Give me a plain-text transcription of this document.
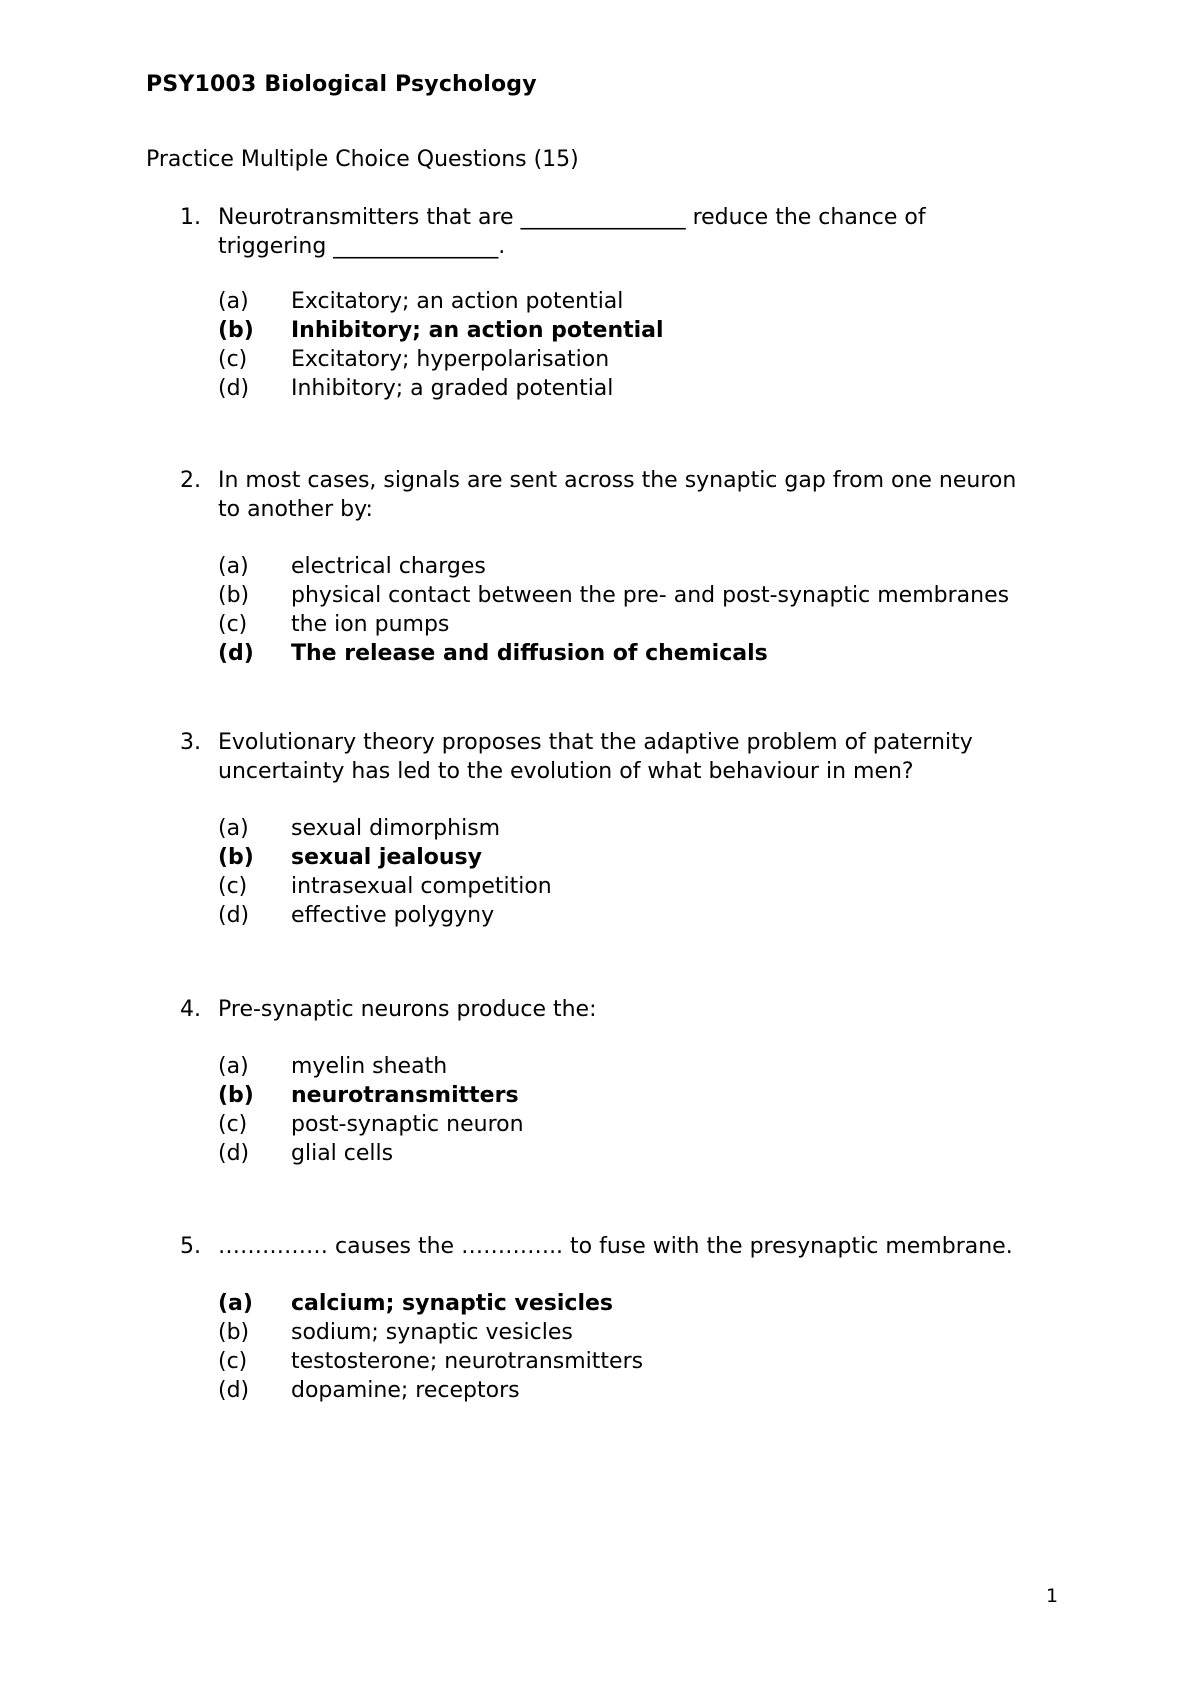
PSY1003 Biological Psychology
Practice Multiple Choice Questions (15)
1. Neurotransmitters that are _______________ reduce the chance of
triggering _______________.
(a) Excitatory; an action potential
(b) Inhibitory; an action potential
(c) Excitatory; hyperpolarisation
(d) Inhibitory; a graded potential
2. In most cases, signals are sent across the synaptic gap from one neuron
to another by:
(a) electrical charges
(b) physical contact between the pre- and post-synaptic membranes
(c) the ion pumps
(d) The release and diffusion of chemicals
3. Evolutionary theory proposes that the adaptive problem of paternity
uncertainty has led to the evolution of what behaviour in men?
(a) sexual dimorphism
(b) sexual jealousy
(c) intrasexual competition
(d) effective polygyny
4. Pre-synaptic neurons produce the:
(a) myelin sheath
(b) neurotransmitters
(c) post-synaptic neuron
(d) glial cells
5. …………… causes the ………….. to fuse with the presynaptic membrane.
(a) calcium; synaptic vesicles
(b) sodium; synaptic vesicles
(c) testosterone; neurotransmitters
(d) dopamine; receptors
1
